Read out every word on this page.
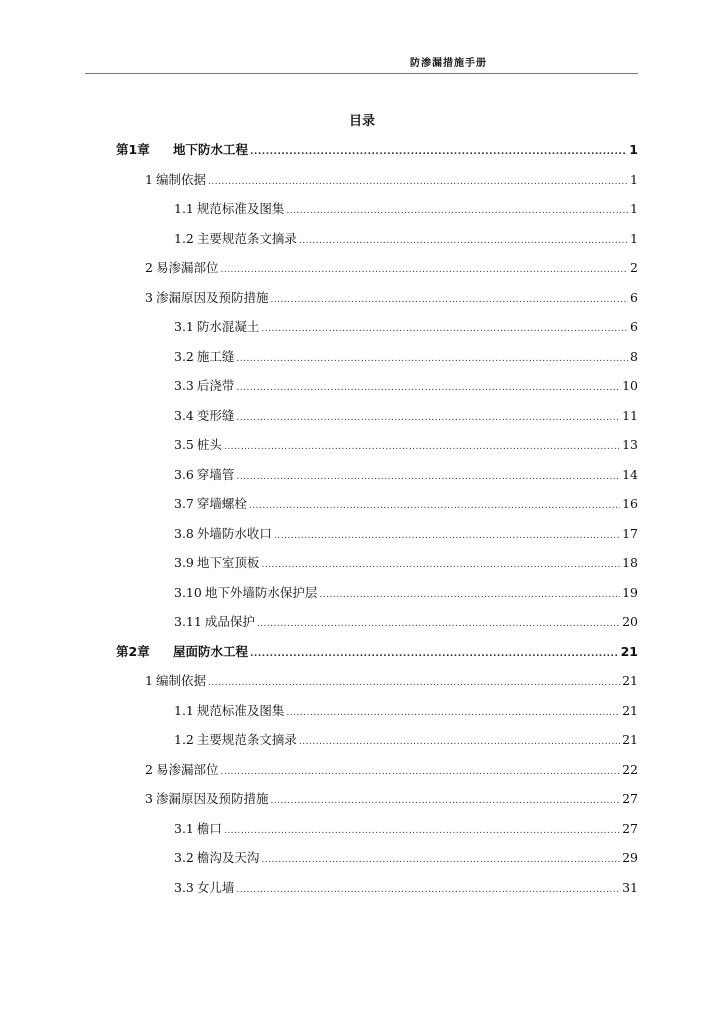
防渗漏措施手册
目录
第1章	地下防水工程 .....	1
1 编制依据 .....	1
1.1 规范标准及图集 .....	1
1.2 主要规范条文摘录 .....	1
2 易渗漏部位 .....	2
3 渗漏原因及预防措施 .....	6
3.1 防水混凝土 .....	6
3.2 施工缝 .....	8
3.3 后浇带 .....	10
3.4 变形缝 .....	11
3.5 桩头 .....	13
3.6 穿墙管 .....	14
3.7 穿墙螺栓 .....	16
3.8 外墙防水收口 .....	17
3.9 地下室顶板 .....	18
3.10 地下外墙防水保护层 .....	19
3.11 成品保护 .....	20
第2章	屋面防水工程 .....	21
1 编制依据 .....	21
1.1 规范标准及图集 .....	21
1.2 主要规范条文摘录 .....	21
2 易渗漏部位 .....	22
3 渗漏原因及预防措施 .....	27
3.1 檐口 .....	27
3.2 檐沟及天沟 .....	29
3.3 女儿墙 .....	31
